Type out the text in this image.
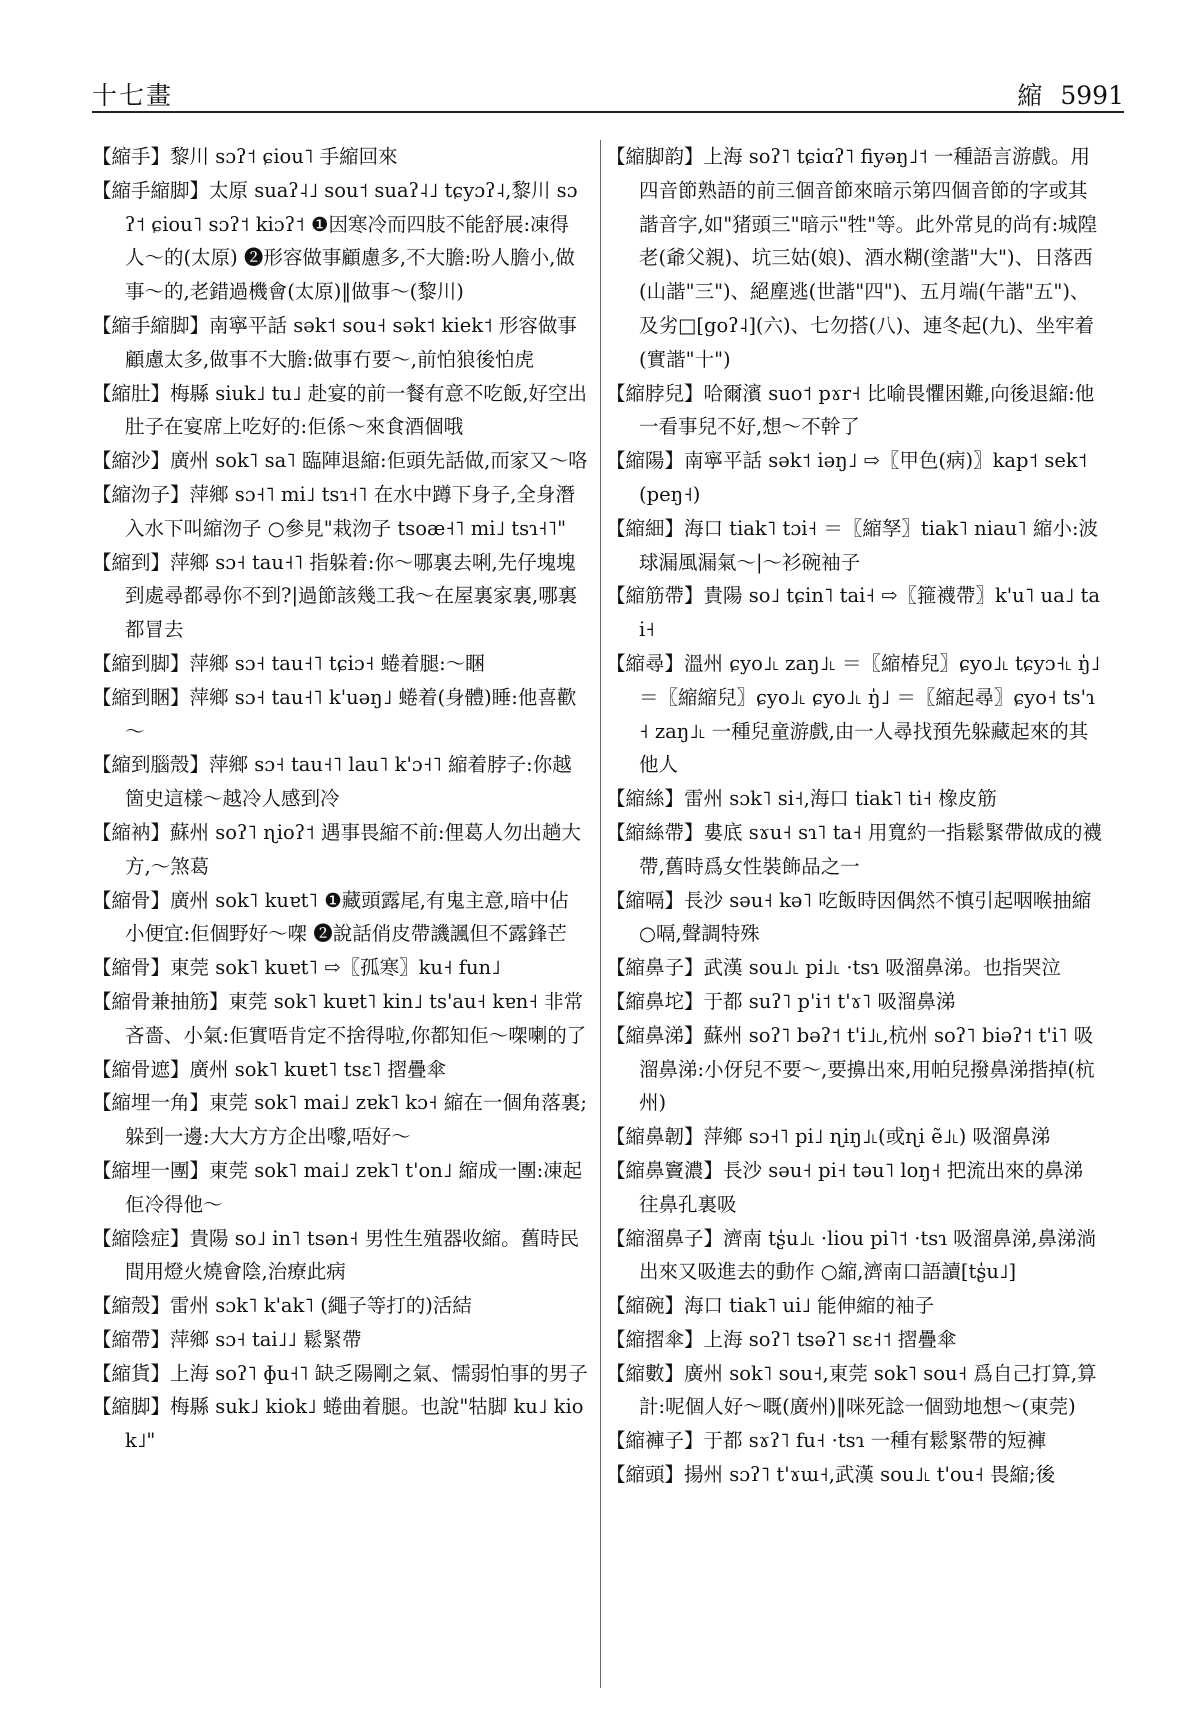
十七畫	縮 5991

【縮手】黎川 sɔʔ˦ ɕiou˥ 手縮回來

【縮手縮脚】太原 suaʔ˨˩ sou˦ suaʔ˨˩ tɕyɔʔ˨,黎川 sɔʔ˦ ɕiou˥ sɔʔ˦ kiɔʔ˦ ❶因寒冷而四肢不能舒展:凍得人～的(太原) ❷形容做事顧慮多,不大膽:吩人膽小,做事～的,老錯過機會(太原)‖做事～(黎川)

【縮手縮脚】南寧平話 sək˦ sou˧ sək˦ kiek˦ 形容做事顧慮太多,做事不大膽:做事冇要～,前怕狼後怕虎

【縮肚】梅縣 siuk˩ tu˩ 赴宴的前一餐有意不吃飯,好空出肚子在宴席上吃好的:佢係～來食酒個哦

【縮沙】廣州 sok˥ sa˥ 臨陣退縮:佢頭先話做,而家又～咯

【縮沕子】萍鄉 sɔ˧˥ mi˩ tsɿ˧˥ 在水中蹲下身子,全身潛入水下叫縮沕子 ○參見"栽沕子 tsoæ˧˥ mi˩ tsɿ˧˥"

【縮到】萍鄉 sɔ˧ tau˧˥ 指躲着:你～哪裏去唎,先仔塊塊到處尋都尋你不到?|過節該幾工我～在屋裏家裏,哪裏都冒去

【縮到脚】萍鄉 sɔ˧ tau˧˥ tɕiɔ˧ 蜷着腿:～睏

【縮到睏】萍鄉 sɔ˧ tau˧˥ k'uəŋ˩ 蜷着(身體)睡:他喜歡～

【縮到腦殼】萍鄉 sɔ˧ tau˧˥ lau˥ k'ɔ˧˥ 縮着脖子:你越箇史這樣～越冷人感到冷

【縮衲】蘇州 soʔ˥ ɳioʔ˦ 遇事畏縮不前:俚葛人勿出趟大方,～煞葛

【縮骨】廣州 sok˥ kuɐt˥ ❶藏頭露尾,有鬼主意,暗中佔小便宜:佢個野好～㗎 ❷說話俏皮帶譏諷但不露鋒芒

【縮骨】東莞 sok˥ kuɐt˥ ⇨〖孤寒〗ku˧ fun˩

【縮骨兼抽筋】東莞 sok˥ kuɐt˥ kin˩ ts'au˧ kɐn˧ 非常吝嗇、小氣:佢實唔肯定不捨得啦,你都知佢～㗎喇的了

【縮骨遮】廣州 sok˥ kuɐt˥ tsɛ˥ 摺疊傘

【縮埋一角】東莞 sok˥ mai˩ zɐk˥ kɔ˧ 縮在一個角落裏;躲到一邊:大大方方企出嚟,唔好～

【縮埋一團】東莞 sok˥ mai˩ zɐk˥ t'on˩ 縮成一團:凍起佢冷得他～

【縮陰症】貴陽 so˩ in˥ tsən˧ 男性生殖器收縮。舊時民間用燈火燒會陰,治療此病

【縮殼】雷州 sɔk˥ k'ak˥ (繩子等打的)活結

【縮帶】萍鄉 sɔ˧ tai˩˩ 鬆緊帶

【縮貨】上海 soʔ˥ ɸu˧˥ 缺乏陽剛之氣、懦弱怕事的男子

【縮脚】梅縣 suk˩ kiok˩ 蜷曲着腿。也說"牯脚 ku˩ kiok˩"

【縮脚韵】上海 soʔ˥ tɕiɑʔ˥ fiyəŋ˩˦ 一種語言游戲。用四音節熟語的前三個音節來暗示第四個音節的字或其諧音字,如"猪頭三"暗示"牲"等。此外常見的尚有:城隍老(爺父親)、坑三姑(娘)、酒水糊(塗諧"大")、日落西(山諧"三")、絕塵逃(世諧"四")、五月端(午諧"五")、及劣□[goʔ˨](六)、七勿搭(八)、連冬起(九)、坐牢着(實諧"十")

【縮脖兒】哈爾濱 suo˦ pɤr˧ 比喻畏懼困難,向後退縮:他一看事兒不好,想～不幹了

【縮陽】南寧平話 sək˦ iəŋ˩ ⇨〖甲色(病)〗kap˦ sek˦ (peŋ˧)

【縮細】海口 tiak˥ tɔi˧ ＝〖縮孥〗tiak˥ niau˥ 縮小:波球漏風漏氣～|～衫碗袖子

【縮筋帶】貴陽 so˩ tɕin˥ tai˧ ⇨〖箍襪帶〗k'u˥ ua˩ tai˧

【縮尋】溫州 ɕyo˩˪ zaŋ˩˪ ＝〖縮椿兒〗ɕyo˩˪ tɕyɔ˧˪ ŋ̍˩ ＝〖縮縮兒〗ɕyo˩˪ ɕyo˩˪ ŋ̍˩ ＝〖縮起尋〗ɕyo˧ ts'ɿ˧ zaŋ˩˪ 一種兒童游戲,由一人尋找預先躲藏起來的其他人

【縮絲】雷州 sɔk˥ si˧,海口 tiak˥ ti˧ 橡皮筋

【縮絲帶】婁底 sɤu˧ sɿ˥ ta˧ 用寬約一指鬆緊帶做成的襪帶,舊時爲女性裝飾品之一

【縮嗝】長沙 səu˧ kə˥ 吃飯時因偶然不慎引起咽喉抽縮 ○嗝,聲調特殊

【縮鼻子】武漢 sou˩˪ pi˩˪ ·tsɿ 吸溜鼻涕。也指哭泣

【縮鼻坨】于都 suʔ˥ p'i˦ t'ɤ˥ 吸溜鼻涕

【縮鼻涕】蘇州 soʔ˥ bəʔ˦ t'i˩˪,杭州 soʔ˥ biəʔ˦ t'i˥ 吸溜鼻涕:小伢兒不要～,要擤出來,用帕兒撥鼻涕揩掉(杭州)

【縮鼻韌】萍鄉 sɔ˧˥ pi˩ ɳiŋ˩˪(或ɳi ẽ˩˪) 吸溜鼻涕

【縮鼻竇濃】長沙 səu˧ pi˧ təu˥ loŋ˧ 把流出來的鼻涕往鼻孔裏吸

【縮溜鼻子】濟南 tʂ̍u˩˪ ·liou pi˥˦ ·tsɿ 吸溜鼻涕,鼻涕淌出來又吸進去的動作 ○縮,濟南口語讀[tʂ̍u˩]

【縮碗】海口 tiak˥ ui˩ 能伸縮的袖子

【縮摺傘】上海 soʔ˥ tsəʔ˥ sɛ˧˦ 摺疊傘

【縮數】廣州 sok˥ sou˧,東莞 sok˥ sou˧ 爲自己打算,算計:呢個人好～嘅(廣州)‖咪死諗一個勁地想～(東莞)

【縮褲子】于都 sɤʔ˥ fu˧ ·tsɿ 一種有鬆緊帶的短褲

【縮頭】揚州 sɔʔ˥ t'ɤɯ˧,武漢 sou˩˪ t'ou˧ 畏縮;後
